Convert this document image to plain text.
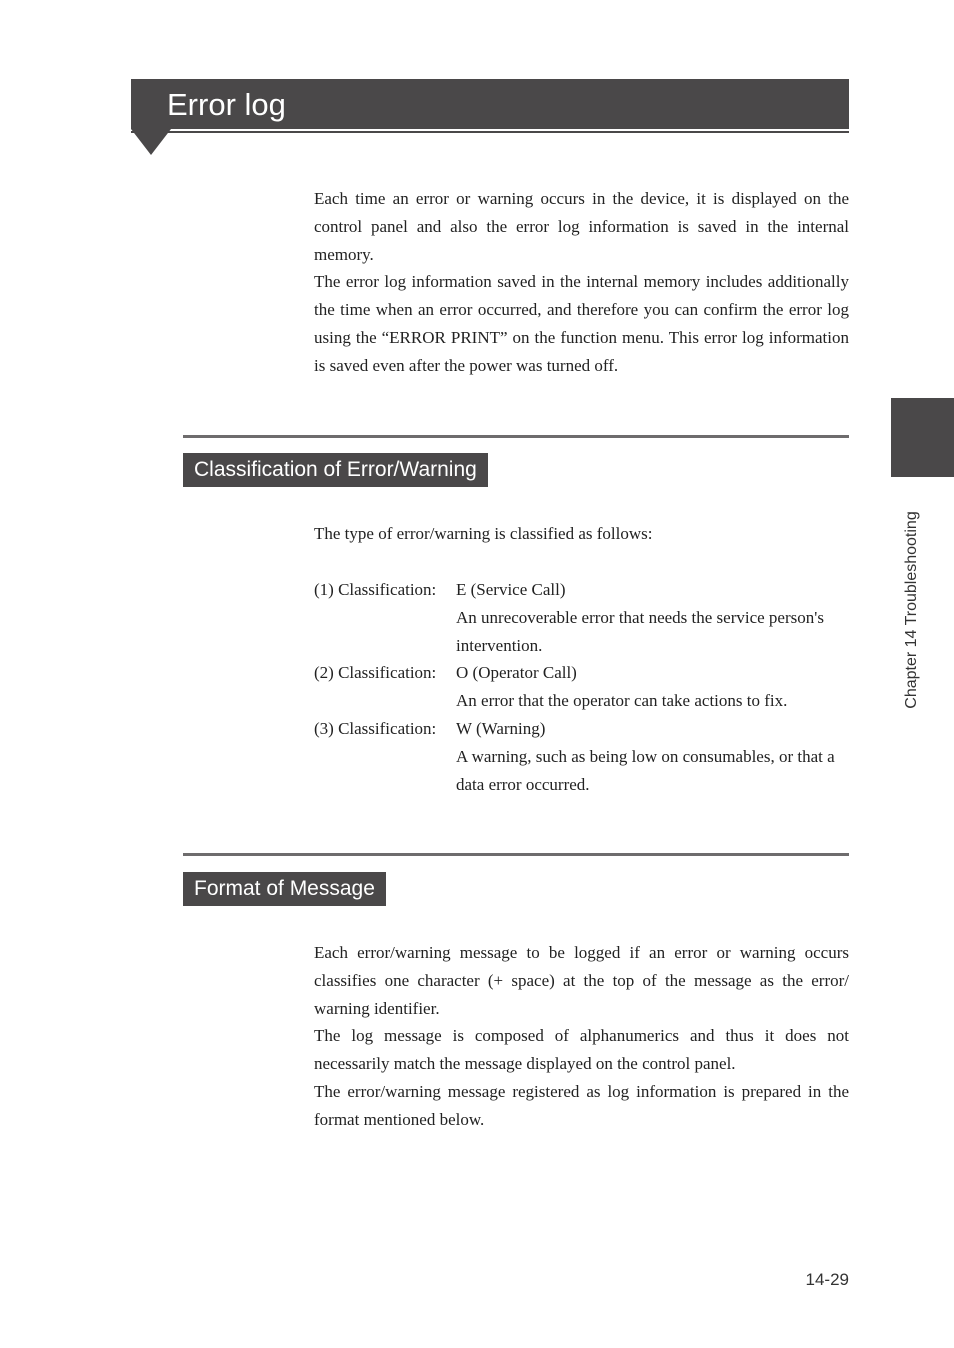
Error log

Each time an error or warning occurs in the device, it is displayed on the control panel and also the error log information is saved in the internal memory.

The error log information saved in the internal memory includes additionally the time when an error occurred, and therefore you can confirm the error log using the “ERROR PRINT” on the function menu. This error log information is saved even after the power was turned off.

Classification of Error/Warning

The type of error/warning is classified as follows:

(1) Classification:	E (Service Call)
An unrecoverable error that needs the service person's intervention.
(2) Classification:	O (Operator Call)
An error that the operator can take actions to fix.
(3) Classification:	W (Warning)
A warning, such as being low on consumables, or that a data error occurred.
Format of Message

Each error/warning message to be logged if an error or warning occurs classifies one character (+ space) at the top of the message as the error/ warning identifier.

The log message is composed of alphanumerics and thus it does not necessarily match the message displayed on the control panel.

The error/warning message registered as log information is prepared in the format mentioned below.

Chapter 14 Troubleshooting
14-29
